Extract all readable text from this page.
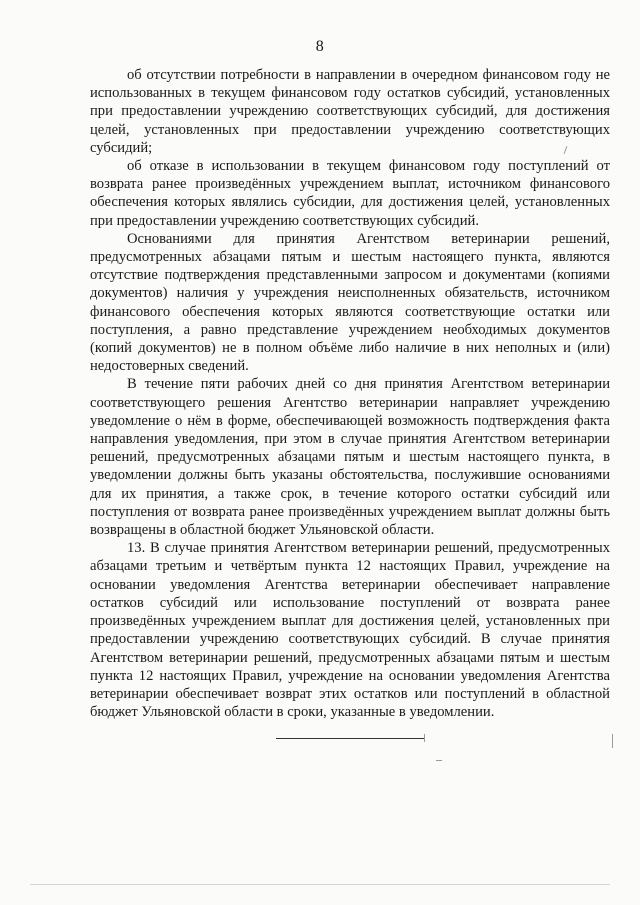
8

об отсутствии потребности в направлении в очередном финансовом году не использованных в текущем финансовом году остатков субсидий, установленных при предоставлении учреждению соответствующих субсидий, для достижения целей, установленных при предоставлении учреждению соответствующих субсидий;

об отказе в использовании в текущем финансовом году поступлений от возврата ранее произведённых учреждением выплат, источником финансового обеспечения которых являлись субсидии, для достижения целей, установленных при предоставлении учреждению соответствующих субсидий.

Основаниями для принятия Агентством ветеринарии решений, предусмотренных абзацами пятым и шестым настоящего пункта, являются отсутствие подтверждения представленными запросом и документами (копиями документов) наличия у учреждения неисполненных обязательств, источником финансового обеспечения которых являются соответствующие остатки или поступления, а равно представление учреждением необходимых документов (копий документов) не в полном объёме либо наличие в них неполных и (или) недостоверных сведений.

В течение пяти рабочих дней со дня принятия Агентством ветеринарии соответствующего решения Агентство ветеринарии направляет учреждению уведомление о нём в форме, обеспечивающей возможность подтверждения факта направления уведомления, при этом в случае принятия Агентством ветеринарии решений, предусмотренных абзацами пятым и шестым настоящего пункта, в уведомлении должны быть указаны обстоятельства, послужившие основаниями для их принятия, а также срок, в течение которого остатки субсидий или поступления от возврата ранее произведённых учреждением выплат должны быть возвращены в областной бюджет Ульяновской области.

13. В случае принятия Агентством ветеринарии решений, предусмотренных абзацами третьим и четвёртым пункта 12 настоящих Правил, учреждение на основании уведомления Агентства ветеринарии обеспечивает направление остатков субсидий или использование поступлений от возврата ранее произведённых учреждением выплат для достижения целей, установленных при предоставлении учреждению соответствующих субсидий. В случае принятия Агентством ветеринарии решений, предусмотренных абзацами пятым и шестым пункта 12 настоящих Правил, учреждение на основании уведомления Агентства ветеринарии обеспечивает возврат этих остатков или поступлений в областной бюджет Ульяновской области в сроки, указанные в уведомлении.
